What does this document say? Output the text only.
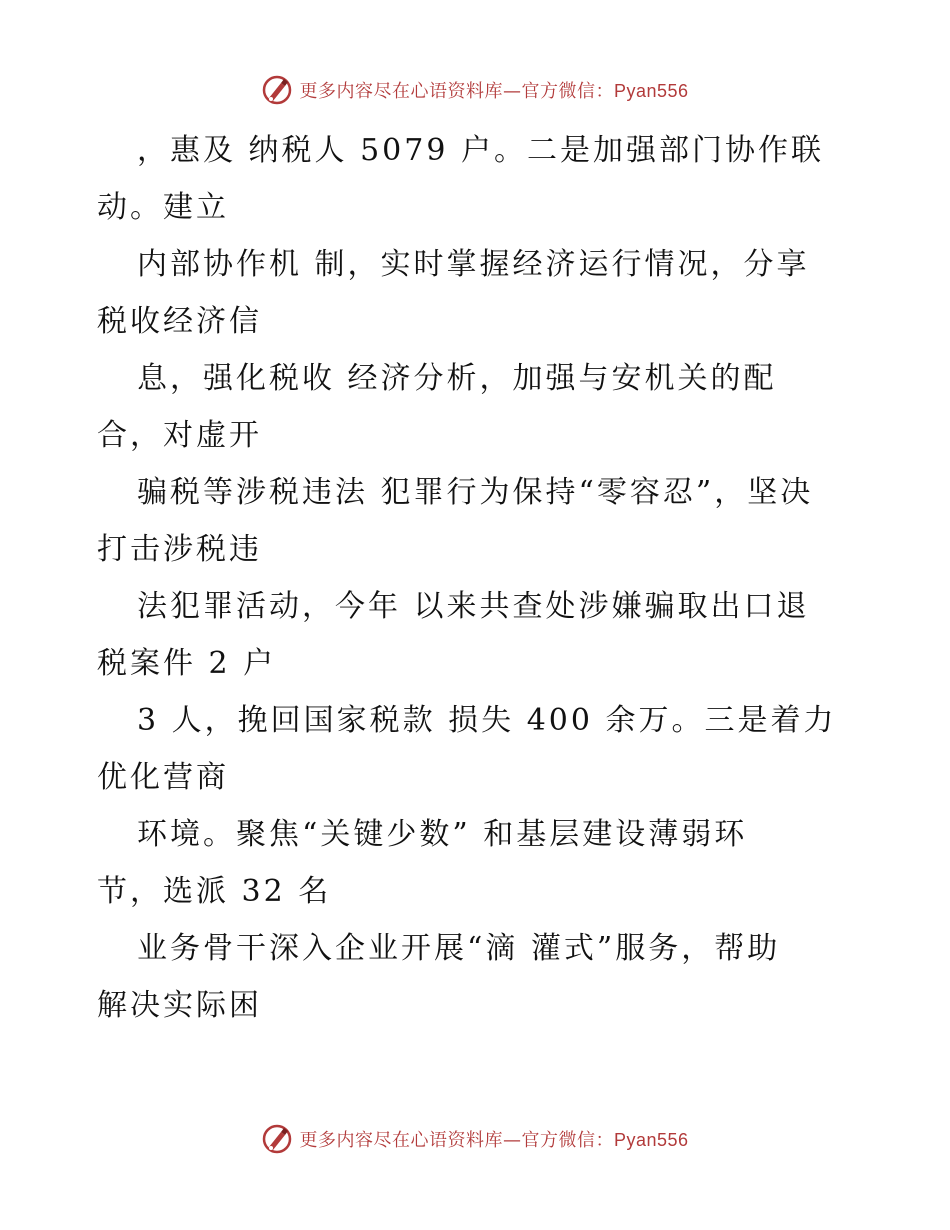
更多内容尽在心语资料库—官方微信：Pyan556
，惠及 纳税人 5079 户。二是加强部门协作联
动。建立
内部协作机 制，实时掌握经济运行情况，分享
税收经济信
息，强化税收 经济分析，加强与安机关的配
合，对虚开
骗税等涉税违法 犯罪行为保持“零容忍”，坚决
打击涉税违
法犯罪活动，今年 以来共查处涉嫌骗取出口退
税案件 2 户
3 人，挽回国家税款 损失 400 余万。三是着力
优化营商
环境。聚焦“关键少数” 和基层建设薄弱环
节，选派 32 名
业务骨干深入企业开展“滴 灌式”服务，帮助
解决实际困
更多内容尽在心语资料库—官方微信：Pyan556
